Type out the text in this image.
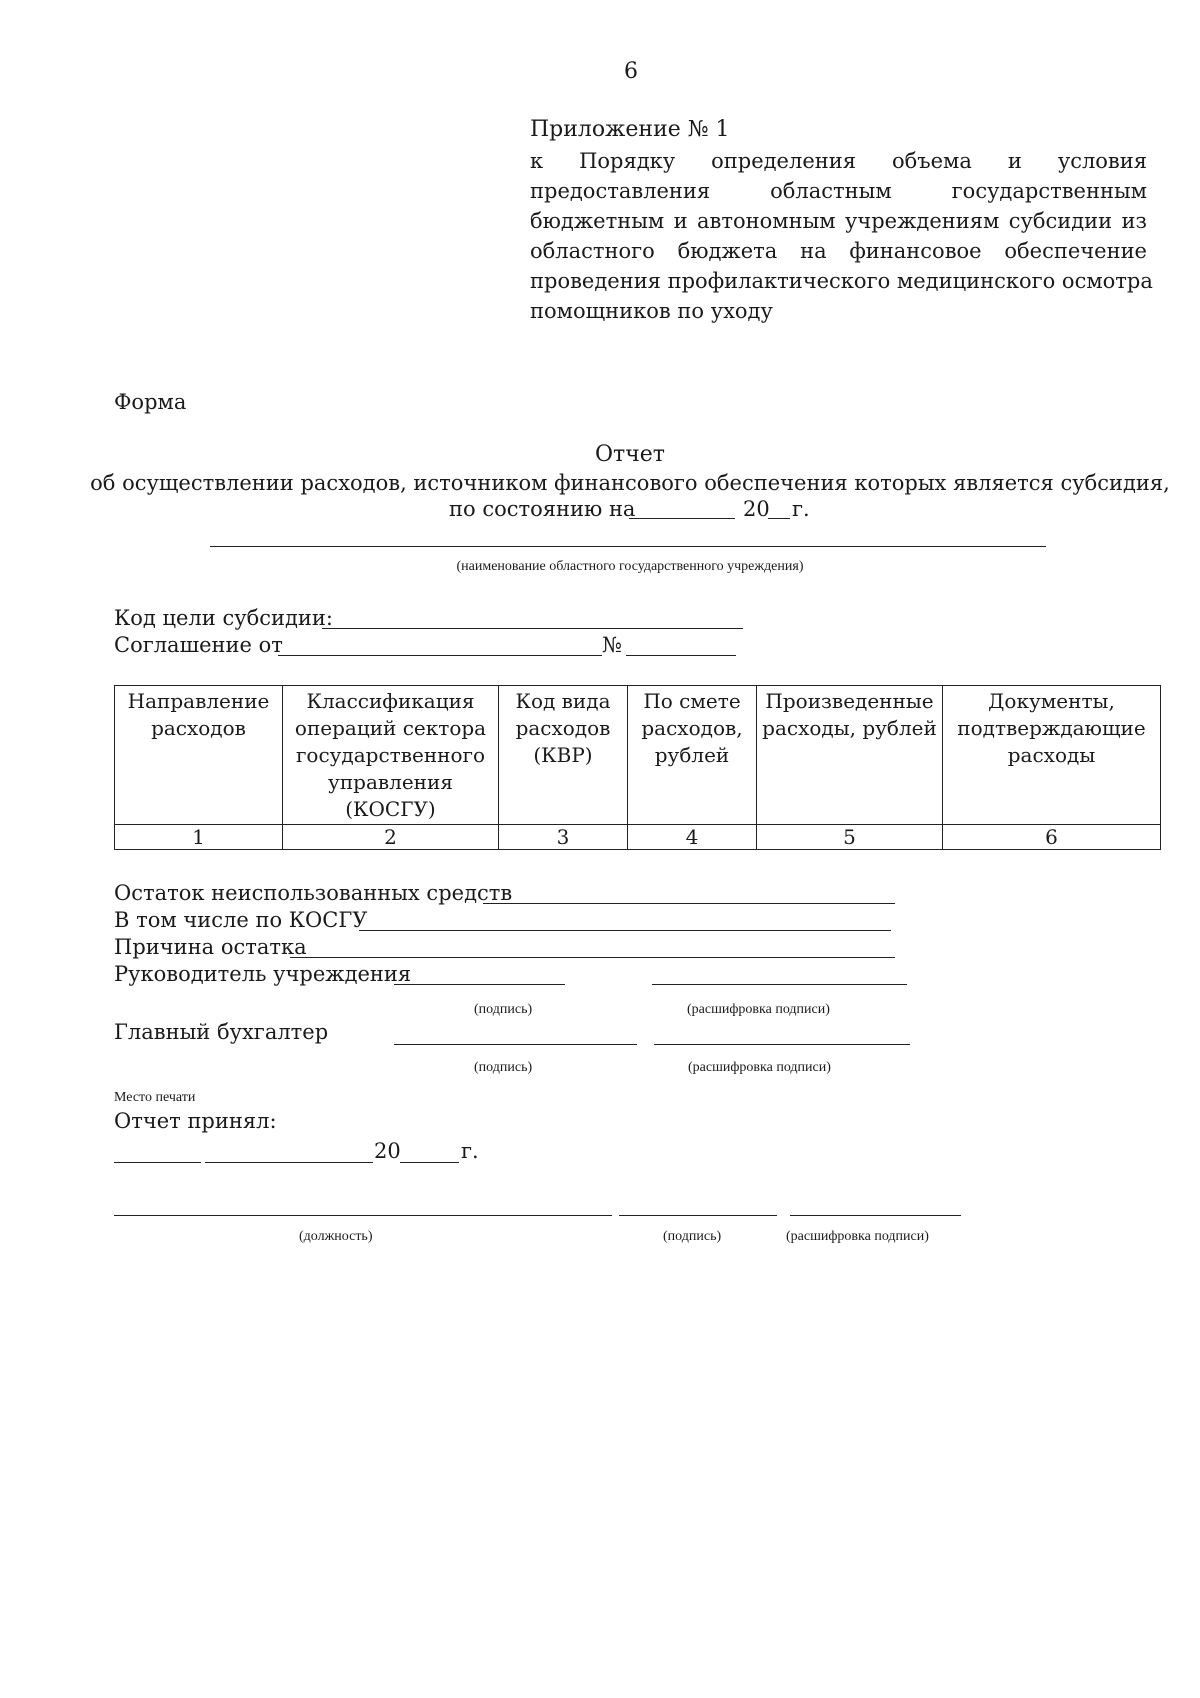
6
Приложение № 1
к Порядку определения объема и условия
предоставления областным государственным
бюджетным и автономным учреждениям субсидии из
областного бюджета на финансовое обеспечение
проведения профилактического медицинского осмотра
помощников по уходу
Форма
Отчет
об осуществлении расходов, источником финансового обеспечения которых является субсидия,
по состоянию на	20 г.
(наименование областного государственного учреждения)
Код цели субсидии:
Соглашение от	№
Направление расходов	Классификация операций сектора государственного управления (КОСГУ)	Код вида расходов (КВР)	По смете расходов, рублей	Произведенные расходы, рублей	Документы, подтверждающие расходы
1	2	3	4	5	6
Остаток неиспользованных средств
В том числе по КОСГУ
Причина остатка
Руководитель учреждения
(подпись)	(расшифровка подписи)
Главный бухгалтер
(подпись)	(расшифровка подписи)
Место печати
Отчет принял:
20	г.
(должность)	(подпись)	(расшифровка подписи)
